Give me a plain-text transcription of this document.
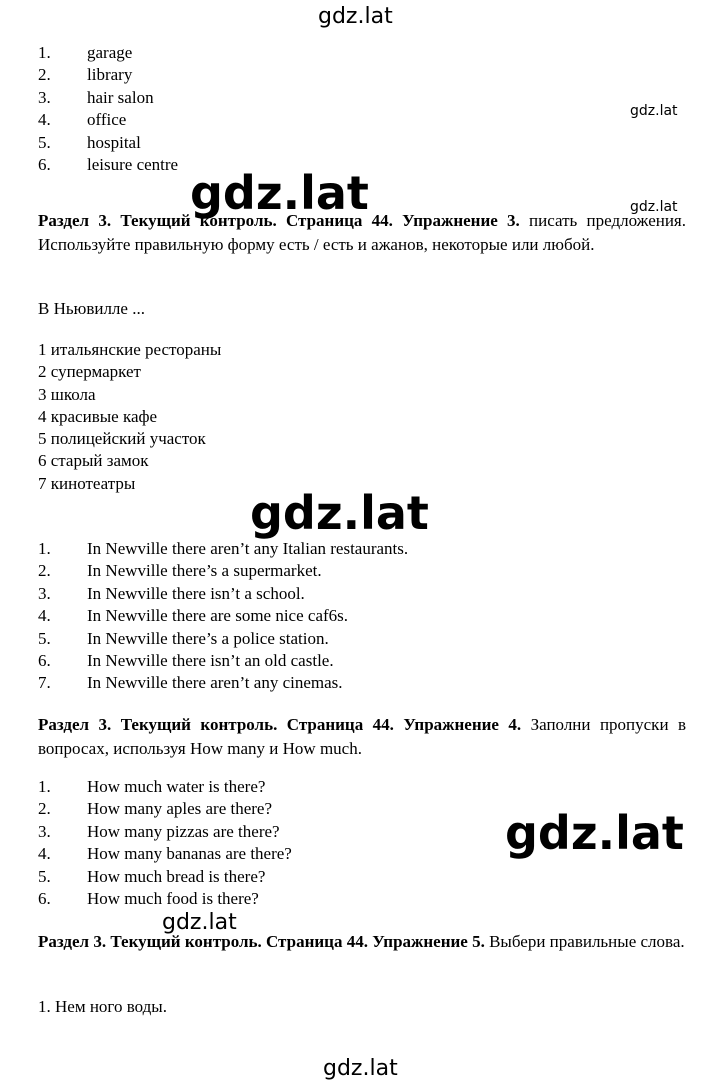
gdz.lat
gdz.lat
gdz.lat
gdz.lat
gdz.lat
1. garage
2. library
3. hair salon
4. office
5. hospital
6. leisure centre

Раздел 3. Текущий контроль. Страница 44. Упражнение 3. писать предложения. Используйте правильную форму есть / есть и ажанов, некоторые или любой.

В Ньювилле ...

1 итальянские рестораны
2 супермаркет
3 школа
4 красивые кафе
5 полицейский участок
6 старый замок
7 кинотеатры
1. In Newville there aren’t any Italian restaurants.
2. In Newville there’s a supermarket.
3. In Newville there isn’t a school.
4. In Newville there are some nice caf6s.
5. In Newville there’s a police station.
6. In Newville there isn’t an old castle.
7. In Newville there aren’t any cinemas.

Раздел 3. Текущий контроль. Страница 44. Упражнение 4. Заполни пропуски в вопросах, используя How many и How much.

1. How much water is there?
2. How many aples are there?
3. How many pizzas are there?
4. How many bananas are there?
5. How much bread is there?
6. How much food is there?

Раздел 3. Текущий контроль. Страница 44. Упражнение 5. Выбери правильные слова.

1. Нем ного воды.

gdz.lat
gdz.lat
gdz.lat
